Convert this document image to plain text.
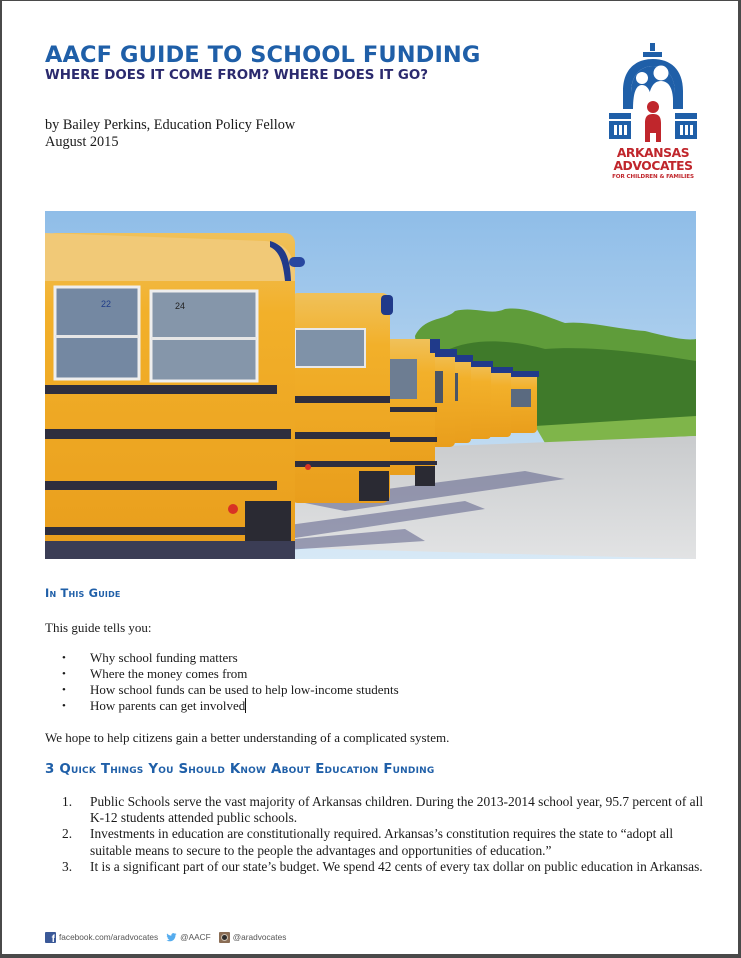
AACF GUIDE TO SCHOOL FUNDING
WHERE DOES IT COME FROM? WHERE DOES IT GO?
by Bailey Perkins, Education Policy Fellow
August 2015
ARKANSAS
ADVOCATES
FOR CHILDREN & FAMILIES
22	24
In This Guide
This guide tells you:
• Why school funding matters
• Where the money comes from
• How school funds can be used to help low-income students
• How parents can get involved
We hope to help citizens gain a better understanding of a complicated system.
3 Quick Things You Should Know About Education Funding
1. Public Schools serve the vast majority of Arkansas children. During the 2013-2014 school year, 95.7 percent of all K-12 students attended public schools.
2. Investments in education are constitutionally required. Arkansas’s constitution requires the state to “adopt all suitable means to secure to the people the advantages and opportunities of education.”
3. It is a significant part of our state’s budget. We spend 42 cents of every tax dollar on public education in Arkansas.
f
facebook.com/aradvocates	@AACF	@aradvocates
